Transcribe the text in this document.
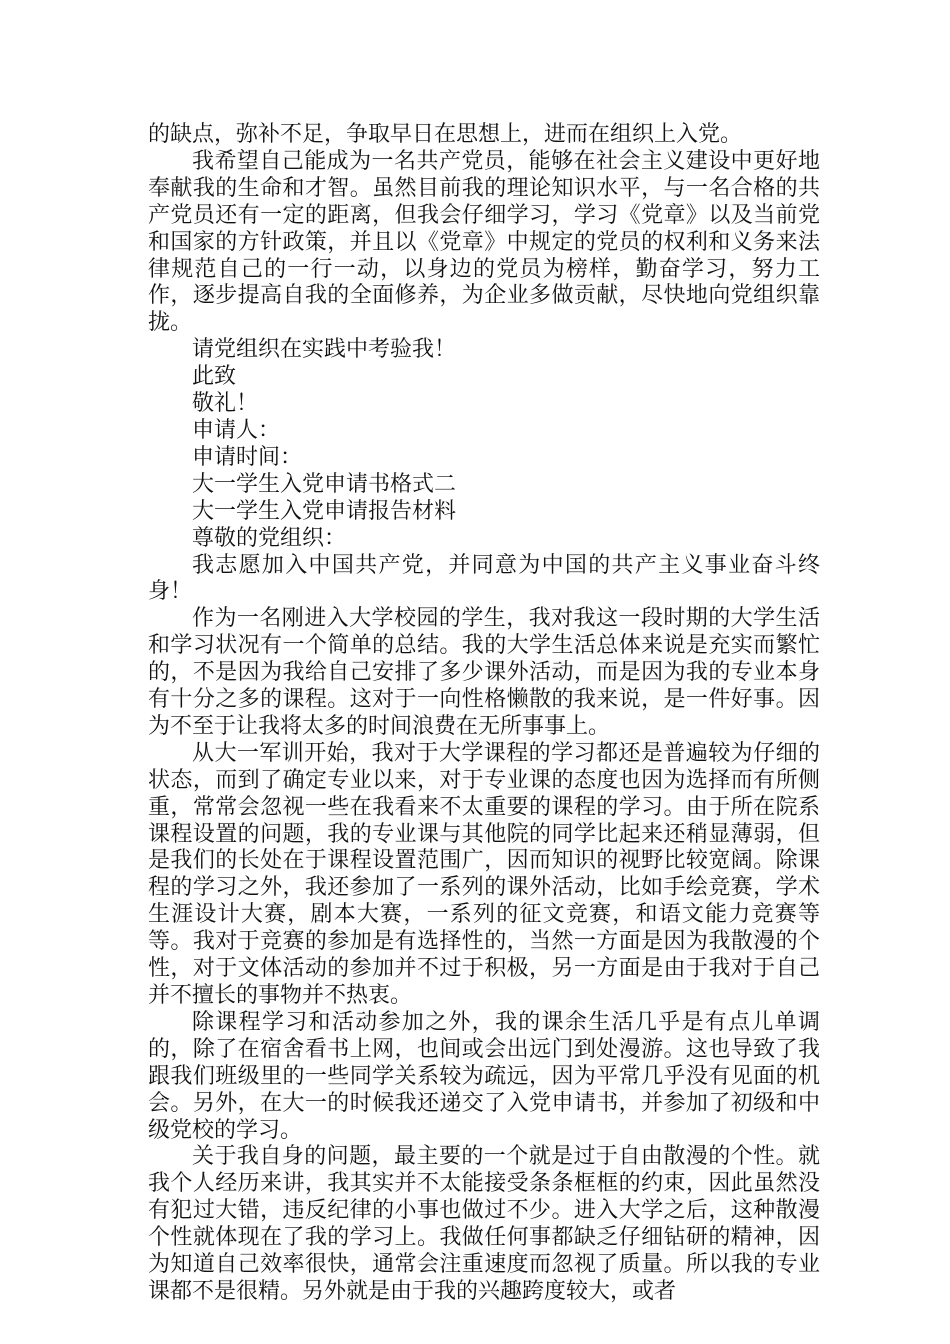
的缺点，弥补不足，争取早日在思想上，进而在组织上入党。

我希望自己能成为一名共产党员，能够在社会主义建设中更好地奉献我的生命和才智。虽然目前我的理论知识水平，与一名合格的共产党员还有一定的距离，但我会仔细学习，学习《党章》以及当前党和国家的方针政策，并且以《党章》中规定的党员的权利和义务来法律规范自己的一行一动，以身边的党员为榜样，勤奋学习，努力工作，逐步提高自我的全面修养，为企业多做贡献，尽快地向党组织靠拢。

请党组织在实践中考验我！

此致

敬礼！

申请人：

申请时间：

大一学生入党申请书格式二

大一学生入党申请报告材料

尊敬的党组织：

我志愿加入中国共产党，并同意为中国的共产主义事业奋斗终身！

作为一名刚进入大学校园的学生，我对我这一段时期的大学生活和学习状况有一个简单的总结。我的大学生活总体来说是充实而繁忙的，不是因为我给自己安排了多少课外活动，而是因为我的专业本身有十分之多的课程。这对于一向性格懒散的我来说，是一件好事。因为不至于让我将太多的时间浪费在无所事事上。

从大一军训开始，我对于大学课程的学习都还是普遍较为仔细的状态，而到了确定专业以来，对于专业课的态度也因为选择而有所侧重，常常会忽视一些在我看来不太重要的课程的学习。由于所在院系课程设置的问题，我的专业课与其他院的同学比起来还稍显薄弱，但是我们的长处在于课程设置范围广，因而知识的视野比较宽阔。除课程的学习之外，我还参加了一系列的课外活动，比如手绘竞赛，学术生涯设计大赛，剧本大赛，一系列的征文竞赛，和语文能力竞赛等等。我对于竞赛的参加是有选择性的，当然一方面是因为我散漫的个性，对于文体活动的参加并不过于积极，另一方面是由于我对于自己并不擅长的事物并不热衷。

除课程学习和活动参加之外，我的课余生活几乎是有点儿单调的，除了在宿舍看书上网，也间或会出远门到处漫游。这也导致了我跟我们班级里的一些同学关系较为疏远，因为平常几乎没有见面的机会。另外，在大一的时候我还递交了入党申请书，并参加了初级和中级党校的学习。

关于我自身的问题，最主要的一个就是过于自由散漫的个性。就我个人经历来讲，我其实并不太能接受条条框框的约束，因此虽然没有犯过大错，违反纪律的小事也做过不少。进入大学之后，这种散漫个性就体现在了我的学习上。我做任何事都缺乏仔细钻研的精神，因为知道自己效率很快，通常会注重速度而忽视了质量。所以我的专业课都不是很精。另外就是由于我的兴趣跨度较大，或者
